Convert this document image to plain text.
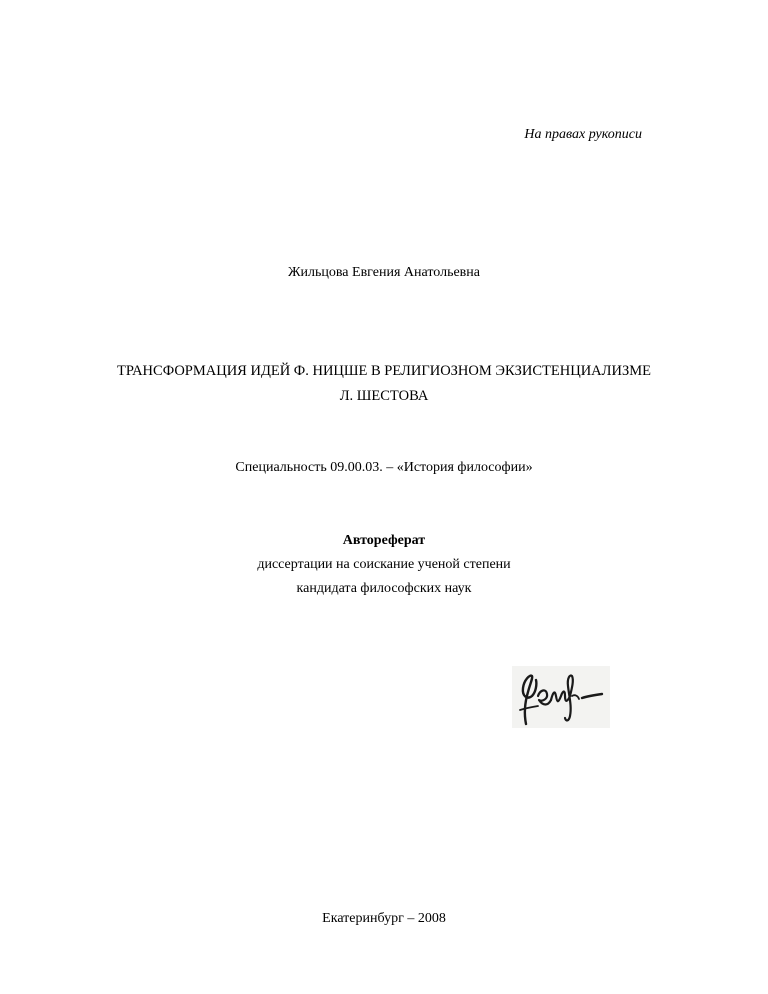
На правах рукописи
Жильцова Евгения Анатольевна
ТРАНСФОРМАЦИЯ ИДЕЙ Ф. НИЦШЕ В РЕЛИГИОЗНОМ ЭКЗИСТЕНЦИАЛИЗМЕ
Л. ШЕСТОВА
Специальность 09.00.03. – «История философии»
Автореферат
диссертации на соискание ученой степени
кандидата философских наук
Екатеринбург – 2008
